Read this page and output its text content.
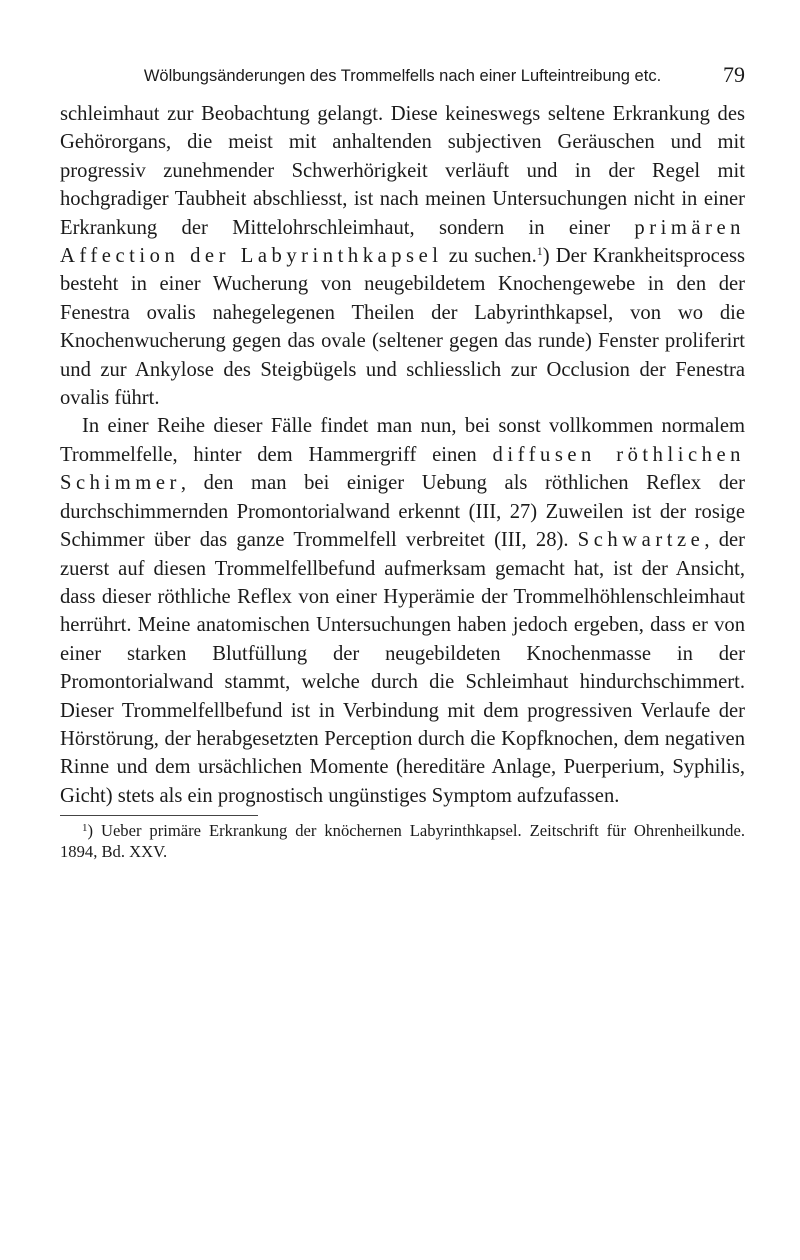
Wölbungsänderungen des Trommelfells nach einer Lufteintreibung etc.	79

schleimhaut zur Beobachtung gelangt. Diese keineswegs seltene Erkrankung des Gehörorgans, die meist mit anhaltenden subjectiven Geräuschen und mit progressiv zunehmender Schwerhörigkeit verläuft und in der Regel mit hochgradiger Taubheit abschliesst, ist nach meinen Untersuchungen nicht in einer Erkrankung der Mittelohrschleimhaut, sondern in einer primären Affection der Labyrinthkapsel zu suchen.$^1$) Der Krankheitsprocess besteht in einer Wucherung von neugebildetem Knochengewebe in den der Fenestra ovalis nahegelegenen Theilen der Labyrinthkapsel, von wo die Knochenwucherung gegen das ovale (seltener gegen das runde) Fenster proliferirt und zur Ankylose des Steigbügels und schliesslich zur Occlusion der Fenestra ovalis führt.

In einer Reihe dieser Fälle findet man nun, bei sonst vollkommen normalem Trommelfelle, hinter dem Hammergriff einen diffusen röthlichen Schimmer, den man bei einiger Uebung als röthlichen Reflex der durchschimmernden Promontorialwand erkennt (III, 27) Zuweilen ist der rosige Schimmer über das ganze Trommelfell verbreitet (III, 28). Schwartze, der zuerst auf diesen Trommelfellbefund aufmerksam gemacht hat, ist der Ansicht, dass dieser röthliche Reflex von einer Hyperämie der Trommelhöhlenschleimhaut herrührt. Meine anatomischen Untersuchungen haben jedoch ergeben, dass er von einer starken Blutfüllung der neugebildeten Knochenmasse in der Promontorialwand stammt, welche durch die Schleimhaut hindurchschimmert. Dieser Trommelfellbefund ist in Verbindung mit dem progressiven Verlaufe der Hörstörung, der herabgesetzten Perception durch die Kopfknochen, dem negativen Rinne und dem ursächlichen Momente (hereditäre Anlage, Puerperium, Syphilis, Gicht) stets als ein prognostisch ungünstiges Symptom aufzufassen.

$^1$) Ueber primäre Erkrankung der knöchernen Labyrinthkapsel. Zeitschrift für Ohrenheilkunde. 1894, Bd. XXV.
